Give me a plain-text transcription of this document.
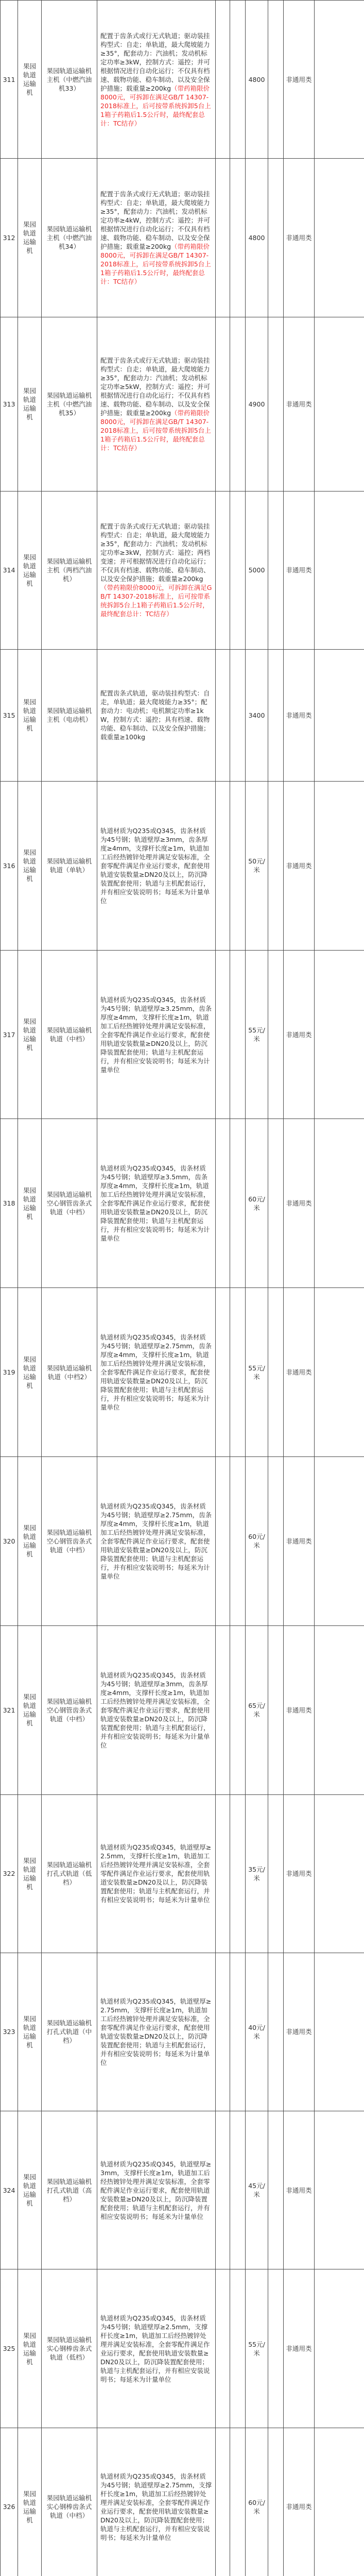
311	果园轨道运输机	果园轨道运输机主机（中燃汽油机33）	配置于齿条式或行无式轨道；驱动装挂构型式：自走；单轨道，最大爬坡能力≥35°，配套动力：汽油机；发动机标定功率≥3kW，控制方式：遥控；并可根据情况进行自动化运行；不仅具有档速、载物功能、稳车制动、以及安全保护措施；载重量≥200kg（带药箱限价8000元，可拆卸在满足GB/T 14307-2018标准上，后可按带系统拆卸5台上1箱子药箱后1.5公斤时，最终配套总计：TC结存）			4800		非通用类	
312	果园轨道运输机	果园轨道运输机主机（中燃汽油机34）	配置于齿条式或行无式轨道；驱动装挂构型式：自走；单轨道，最大爬坡能力≥35°，配套动力：汽油机；发动机标定功率≥4kW，控制方式：遥控；并可根据情况进行自动化运行；不仅具有档速、载物功能、稳车制动、以及安全保护措施；载重量≥200kg（带药箱限价8000元，可拆卸在满足GB/T 14307-2018标准上，后可按带系统拆卸5台上1箱子药箱后1.5公斤时，最终配套总计：TC结存）			4800		非通用类	
313	果园轨道运输机	果园轨道运输机主机（中燃汽油机35）	配置于齿条式或行无式轨道；驱动装挂构型式：自走；单轨道，最大爬坡能力≥35°，配套动力：汽油机；发动机标定功率≥5kW，控制方式：遥控；并可根据情况进行自动化运行；不仅具有档速、载物功能、稳车制动、以及安全保护措施；载重量≥200kg（带药箱限价8000元，可拆卸在满足GB/T 14307-2018标准上，后可按带系统拆卸5台上1箱子药箱后1.5公斤时，最终配套总计：TC结存）			4900		非通用类	
314	果园轨道运输机	果园轨道运输机主机（两档汽油机）	配置于齿条式或行无式轨道；驱动装挂构型式：自走；单轨道，最大爬坡能力≥35°，配套动力：汽油机；发动机标定功率≥3kW，控制方式：遥控；两档变速；并可根据情况进行自动化运行；不仅具有档速、载物功能、稳车制动、以及安全保护措施；载重量≥200kg（带药箱限价8000元，可拆卸在满足GB/T 14307-2018标准上，后可按带系统拆卸5台上1箱子药箱后1.5公斤时，最终配套总计：TC结存）			5000		非通用类	
315	果园轨道运输机	果园轨道运输机主机（电动机）	配置齿条式轨道，驱动装挂构型式：自走，单轨道；最大爬坡能力≥35°；配套动力：电动机；电机额定功率≥1kW，控制方式：遥控；具有档速、载物功能、稳车制动、以及安全保护措施；载重量≥100kg			3400		非通用类	
316	果园轨道运输机	果园轨道运输机轨道（单轨）	轨道材质为Q235或Q345，齿条材质为45号钢；轨道壁厚≥3mm，齿条厚度≥4mm，支撑杆长度≥1m，轨道加工后经热镀锌处理并满足安装标准，全套零配件满足作业运行要求，配套使用轨道安装数量≥DN20及以上，防沉降装置配套使用；轨道与主机配套运行，并有相应安装说明书；每延米为计量单位			50元/米		非通用类	
317	果园轨道运输机	果园轨道运输机轨道（中档）	轨道材质为Q235或Q345，齿条材质为45号钢；轨道壁厚≥3.25mm，齿条厚度≥4mm，支撑杆长度≥1m，轨道加工后经热镀锌处理并满足安装标准，全套零配件满足作业运行要求，配套使用轨道安装数量≥DN20及以上，防沉降装置配套使用；轨道与主机配套运行，并有相应安装说明书；每延米为计量单位			55元/米		非通用类	
318	果园轨道运输机	果园轨道运输机空心钢管齿条式轨道（中档）	轨道材质为Q235或Q345，齿条材质为45号钢；轨道壁厚≥3.5mm，齿条厚度≥4mm，支撑杆长度≥1m，轨道加工后经热镀锌处理并满足安装标准，全套零配件满足作业运行要求，配套使用轨道安装数量≥DN20及以上，防沉降装置配套使用；轨道与主机配套运行，并有相应安装说明书；每延米为计量单位			60元/米		非通用类	
319	果园轨道运输机	果园轨道运输机轨道（中档2）	轨道材质为Q235或Q345，齿条材质为45号钢；轨道壁厚≥2.75mm，齿条厚度≥4mm，支撑杆长度≥1m，轨道加工后经热镀锌处理并满足安装标准，全套零配件满足作业运行要求，配套使用轨道安装数量≥DN20及以上，防沉降装置配套使用；轨道与主机配套运行，并有相应安装说明书；每延米为计量单位			55元/米		非通用类	
320	果园轨道运输机	果园轨道运输机空心钢管齿条式轨道（中档）	轨道材质为Q235或Q345，齿条材质为45号钢；轨道壁厚≥2.75mm，齿条厚度≥4mm，支撑杆长度≥1m，轨道加工后经热镀锌处理并满足安装标准，全套零配件满足作业运行要求，配套使用轨道安装数量≥DN20及以上，防沉降装置配套使用；轨道与主机配套运行，并有相应安装说明书；每延米为计量单位			60元/米		非通用类	
321	果园轨道运输机	果园轨道运输机空心钢管齿条式轨道（中档）	轨道材质为Q235或Q345，齿条材质为45号钢；轨道壁厚≥3mm，齿条厚度≥4mm，支撑杆长度≥1m，轨道加工后经热镀锌处理并满足安装标准，全套零配件满足作业运行要求，配套使用轨道安装数量≥DN20及以上，防沉降装置配套使用；轨道与主机配套运行，并有相应安装说明书；每延米为计量单位			65元/米		非通用类	
322	果园轨道运输机	果园轨道运输机打孔式轨道（低档）	轨道材质为Q235或Q345，轨道壁厚≥2.5mm，支撑杆长度≥1m，轨道加工后经热镀锌处理并满足安装标准，全套零配件满足作业运行要求，配套使用轨道安装数量≥DN20及以上，防沉降装置配套使用；轨道与主机配套运行，并有相应安装说明书；每延米为计量单位			35元/米		非通用类	
323	果园轨道运输机	果园轨道运输机打孔式轨道（中档）	轨道材质为Q235或Q345，轨道壁厚≥2.75mm，支撑杆长度≥1m，轨道加工后经热镀锌处理并满足安装标准，全套零配件满足作业运行要求，配套使用轨道安装数量≥DN20及以上，防沉降装置配套使用；轨道与主机配套运行，并有相应安装说明书；每延米为计量单位			40元/米		非通用类	
324	果园轨道运输机	果园轨道运输机打孔式轨道（高档）	轨道材质为Q235或Q345，轨道壁厚≥3mm，支撑杆长度≥1m，轨道加工后经热镀锌处理并满足安装标准，全套零配件满足作业运行要求，配套使用轨道安装数量≥DN20及以上，防沉降装置配套使用；轨道与主机配套运行，并有相应安装说明书；每延米为计量单位			45元/米		非通用类	
325	果园轨道运输机	果园轨道运输机实心钢棒齿条式轨道（低档）	轨道材质为Q235或Q345，齿条材质为45号钢；轨道壁厚≥2.5mm，支撑杆长度≥1m，轨道加工后经热镀锌处理并满足安装标准，全套零配件满足作业运行要求，配套使用轨道安装数量≥DN20及以上，防沉降装置配套使用；轨道与主机配套运行，并有相应安装说明书；每延米为计量单位			55元/米		非通用类	
326	果园轨道运输机	果园轨道运输机实心钢棒齿条式轨道（中档）	轨道材质为Q235或Q345，齿条材质为45号钢；轨道壁厚≥2.75mm，支撑杆长度≥1m，轨道加工后经热镀锌处理并满足安装标准，全套零配件满足作业运行要求，配套使用轨道安装数量≥DN20及以上，防沉降装置配套使用；轨道与主机配套运行，并有相应安装说明书；每延米为计量单位			60元/米		非通用类	
